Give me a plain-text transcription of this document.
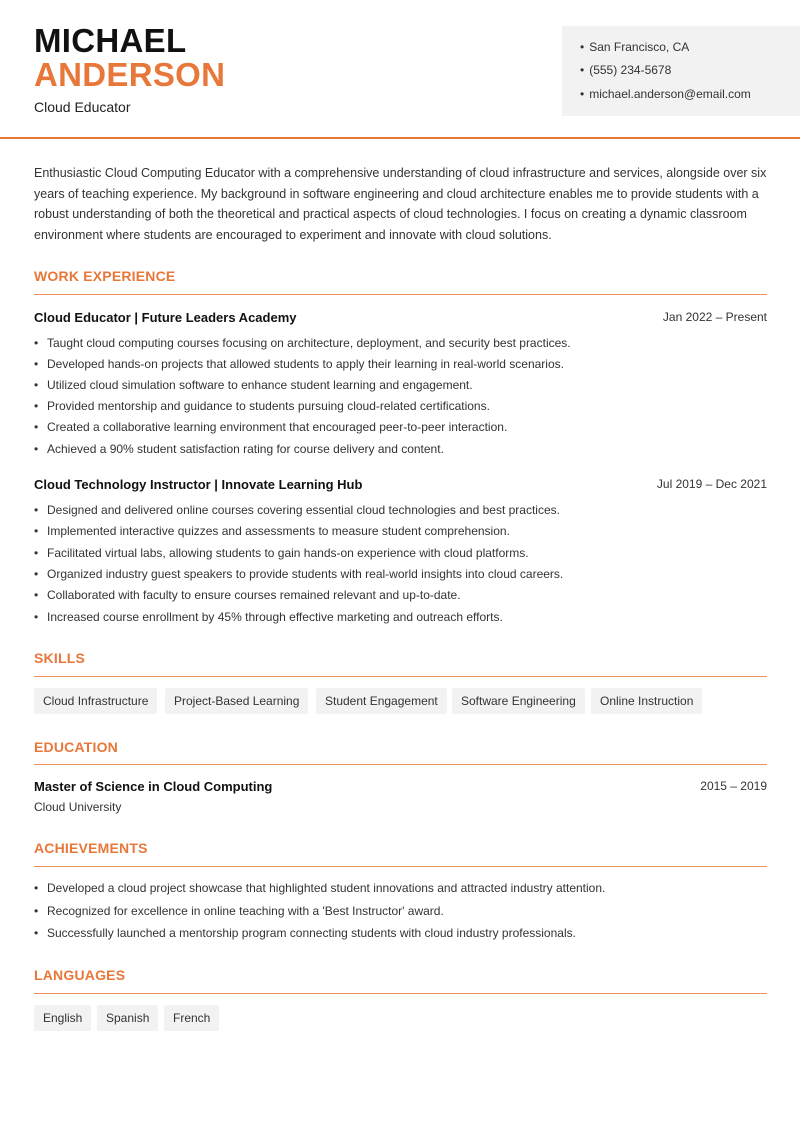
MICHAEL
ANDERSON
Cloud Educator
• San Francisco, CA
• (555) 234-5678
• michael.anderson@email.com
Enthusiastic Cloud Computing Educator with a comprehensive understanding of cloud infrastructure and services, alongside over six years of teaching experience. My background in software engineering and cloud architecture enables me to provide students with a robust understanding of both the theoretical and practical aspects of cloud technologies. I focus on creating a dynamic classroom environment where students are encouraged to experiment and innovate with cloud solutions.
WORK EXPERIENCE
Cloud Educator | Future Leaders Academy	Jan 2022 – Present
• Taught cloud computing courses focusing on architecture, deployment, and security best practices.
• Developed hands-on projects that allowed students to apply their learning in real-world scenarios.
• Utilized cloud simulation software to enhance student learning and engagement.
• Provided mentorship and guidance to students pursuing cloud-related certifications.
• Created a collaborative learning environment that encouraged peer-to-peer interaction.
• Achieved a 90% student satisfaction rating for course delivery and content.
Cloud Technology Instructor | Innovate Learning Hub	Jul 2019 – Dec 2021
• Designed and delivered online courses covering essential cloud technologies and best practices.
• Implemented interactive quizzes and assessments to measure student comprehension.
• Facilitated virtual labs, allowing students to gain hands-on experience with cloud platforms.
• Organized industry guest speakers to provide students with real-world insights into cloud careers.
• Collaborated with faculty to ensure courses remained relevant and up-to-date.
• Increased course enrollment by 45% through effective marketing and outreach efforts.
SKILLS
Cloud Infrastructure	Project-Based Learning	Student Engagement	Software Engineering	Online Instruction
EDUCATION
Master of Science in Cloud Computing	2015 – 2019
Cloud University
ACHIEVEMENTS
• Developed a cloud project showcase that highlighted student innovations and attracted industry attention.
• Recognized for excellence in online teaching with a 'Best Instructor' award.
• Successfully launched a mentorship program connecting students with cloud industry professionals.
LANGUAGES
English	Spanish	French
